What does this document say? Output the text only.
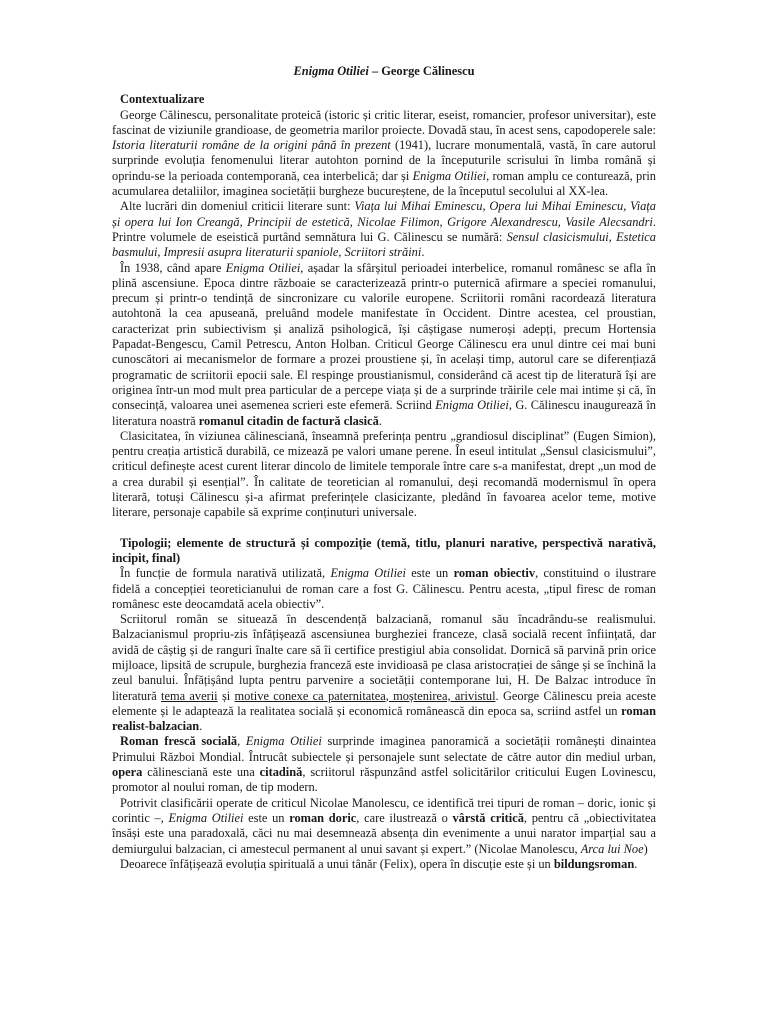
Enigma Otiliei – George Călinescu
Contextualizare

George Călinescu, personalitate proteică (istoric și critic literar, eseist, romancier, profesor universitar), este fascinat de viziunile grandioase, de geometria marilor proiecte. Dovadă stau, în acest sens, capodoperele sale: Istoria literaturii române de la origini până în prezent (1941), lucrare monumentală, vastă, în care autorul surprinde evoluția fenomenului literar autohton pornind de la începuturile scrisului în limba română și oprindu-se la perioada contemporană, cea interbelică; dar și Enigma Otiliei, roman amplu ce conturează, prin acumularea detaliilor, imaginea societății burgheze bucureștene, de la începutul secolului al XX-lea.

Alte lucrări din domeniul criticii literare sunt: Viața lui Mihai Eminescu, Opera lui Mihai Eminescu, Viața și opera lui Ion Creangă, Principii de estetică, Nicolae Filimon, Grigore Alexandrescu, Vasile Alecsandri. Printre volumele de eseistică purtând semnătura lui G. Călinescu se numără: Sensul clasicismului, Estetica basmului, Impresii asupra literaturii spaniole, Scriitori străini.

În 1938, când apare Enigma Otiliei, așadar la sfârșitul perioadei interbelice, romanul românesc se afla în plină ascensiune. Epoca dintre războaie se caracterizează printr-o puternică afirmare a speciei romanului, precum și printr-o tendință de sincronizare cu valorile europene. Scriitorii români racordează literatura autohtonă la cea apuseană, preluând modele manifestate în Occident. Dintre acestea, cel proustian, caracterizat prin subiectivism și analiză psihologică, își câștigase numeroși adepți, precum Hortensia Papadat-Bengescu, Camil Petrescu, Anton Holban. Criticul George Călinescu era unul dintre cei mai buni cunoscători ai mecanismelor de formare a prozei proustiene și, în același timp, autorul care se diferențiază programatic de scriitorii epocii sale. El respinge proustianismul, considerând că acest tip de literatură își are originea într-un mod mult prea particular de a percepe viața și de a surprinde trăirile cele mai intime și că, în consecință, valoarea unei asemenea scrieri este efemeră. Scriind Enigma Otiliei, G. Călinescu inaugurează în literatura noastră romanul citadin de factură clasică.

Clasicitatea, în viziunea călinesciană, înseamnă preferința pentru „grandiosul disciplinat” (Eugen Simion), pentru creația artistică durabilă, ce mizează pe valori umane perene. În eseul intitulat „Sensul clasicismului”, criticul definește acest curent literar dincolo de limitele temporale între care s-a manifestat, drept „un mod de a crea durabil și esențial”. În calitate de teoretician al romanului, deși recomandă modernismul în opera literară, totuși Călinescu și-a afirmat preferințele clasicizante, pledând în favoarea acelor teme, motive literare, personaje capabile să exprime conținuturi universale.

Tipologii; elemente de structură și compoziție (temă, titlu, planuri narative, perspectivă narativă, incipit, final)

În funcție de formula narativă utilizată, Enigma Otiliei este un roman obiectiv, constituind o ilustrare fidelă a concepției teoreticianului de roman care a fost G. Călinescu. Pentru acesta, „tipul firesc de roman românesc este deocamdată acela obiectiv”.

Scriitorul român se situează în descendență balzaciană, romanul său încadrându-se realismului. Balzacianismul propriu-zis înfățișează ascensiunea burgheziei franceze, clasă socială recent înființată, dar avidă de câștig și de ranguri înalte care să îi certifice prestigiul abia consolidat. Dornică să parvină prin orice mijloace, lipsită de scrupule, burghezia franceză este invidioasă pe clasa aristocrației de sânge și se închină la zeul banului. Înfățișând lupta pentru parvenire a societății contemporane lui, H. De Balzac introduce în literatură tema averii și motive conexe ca paternitatea, moștenirea, arivistul. George Călinescu preia aceste elemente și le adaptează la realitatea socială și economică românească din epoca sa, scriind astfel un roman realist-balzacian.

Roman frescă socială, Enigma Otiliei surprinde imaginea panoramică a societății românești dinaintea Primului Război Mondial. Întrucât subiectele și personajele sunt selectate de către autor din mediul urban, opera călinesciană este una citadină, scriitorul răspunzând astfel solicitărilor criticului Eugen Lovinescu, promotor al noului roman, de tip modern.

Potrivit clasificării operate de criticul Nicolae Manolescu, ce identifică trei tipuri de roman – doric, ionic și corintic –, Enigma Otiliei este un roman doric, care ilustrează o vârstă critică, pentru că „obiectivitatea însăși este una paradoxală, căci nu mai desemnează absența din evenimente a unui narator imparțial sau a demiurgului balzacian, ci amestecul permanent al unui savant și expert.” (Nicolae Manolescu, Arca lui Noe)

Deoarece înfățișează evoluția spirituală a unui tânăr (Felix), opera în discuție este și un bildungsroman.
